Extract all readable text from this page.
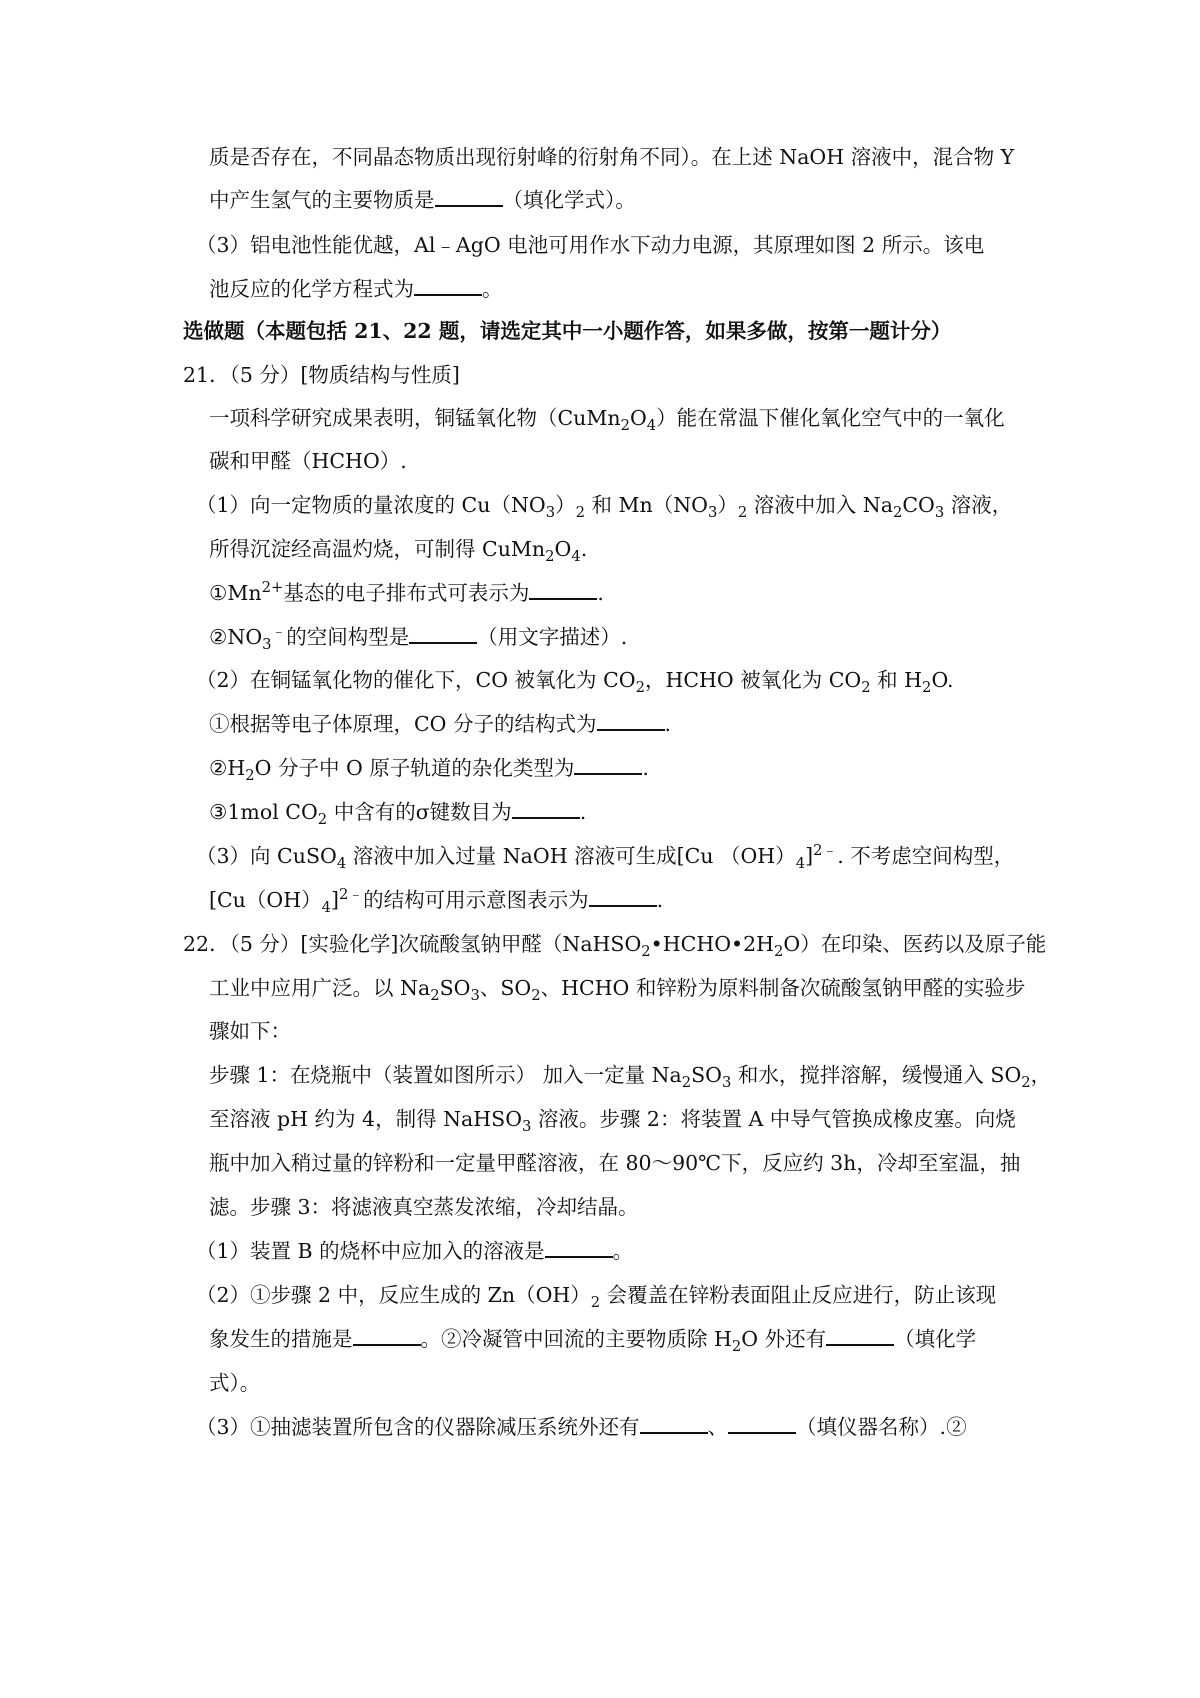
质是否存在，不同晶态物质出现衍射峰的衍射角不同）。在上述 NaOH 溶液中，混合物 Y
中产生氢气的主要物质是	（填化学式）。
（3）铝电池性能优越，Al﹣AgO 电池可用作水下动力电源，其原理如图 2 所示。该电
池反应的化学方程式为	。
选做题（本题包括 21、22 题，请选定其中一小题作答，如果多做，按第一题计分）
21．（5 分）[物质结构与性质]
一项科学研究成果表明，铜锰氧化物$(CuMn_2O_4)$能在常温下催化氧化空气中的一氧化
碳和甲醛（HCHO）.
（1）向一定物质的量浓度的 $Cu(NO_3)_2$ 和 $Mn(NO_3)_2$ 溶液中加入 $Na_2CO_3$ 溶液，
所得沉淀经高温灼烧，可制得 $CuMn_2O_4$.
$①Mn^{2+}$基态的电子排布式可表示为	.
$②NO_3^﹣$的空间构型是	（用文字描述）.
（2）在铜锰氧化物的催化下，CO 被氧化为 $CO_2$，HCHO 被氧化为 $CO_2$ 和 $H_2O$.
①根据等电子体原理，CO 分子的结构式为	.
$②H_2O$ 分子中 O 原子轨道的杂化类型为	.
③1mol $CO_2$ 中含有的σ键数目为	.
（3）向 CuSO$_4$ 溶液中加入过量 NaOH 溶液可生成[Cu $(OH)_4]^{2﹣}$. 不考虑空间构型，
$[Cu(OH)_4]^{2﹣}$的结构可用示意图表示为	.
22．（5 分）[实验化学]次硫酸氢钠甲醛$(NaHSO_2•HCHO•2H_2O)$在印染、医药以及原子能
工业中应用广泛。以 $Na_2SO_3$、$SO_2$、HCHO 和锌粉为原料制备次硫酸氢钠甲醛的实验步
骤如下：
步骤 1：在烧瓶中（装置如图所示） 加入一定量 $Na_2SO_3$ 和水，搅拌溶解，缓慢通入 $SO_2$，
至溶液 pH 约为 4，制得 NaHSO$_3$ 溶液。步骤 2：将装置 A 中导气管换成橡皮塞。向烧
瓶中加入稍过量的锌粉和一定量甲醛溶液，在 80～90℃下，反应约 3h，冷却至室温，抽
滤。步骤 3：将滤液真空蒸发浓缩，冷却结晶。
（1）装置 B 的烧杯中应加入的溶液是	。
（2）①步骤 2 中，反应生成的 $Zn(OH)_2$ 会覆盖在锌粉表面阻止反应进行，防止该现
象发生的措施是	。②冷凝管中回流的主要物质除 $H_2O$ 外还有	（填化学
式）。
（3）①抽滤装置所包含的仪器除减压系统外还有	、	（填仪器名称）.②
